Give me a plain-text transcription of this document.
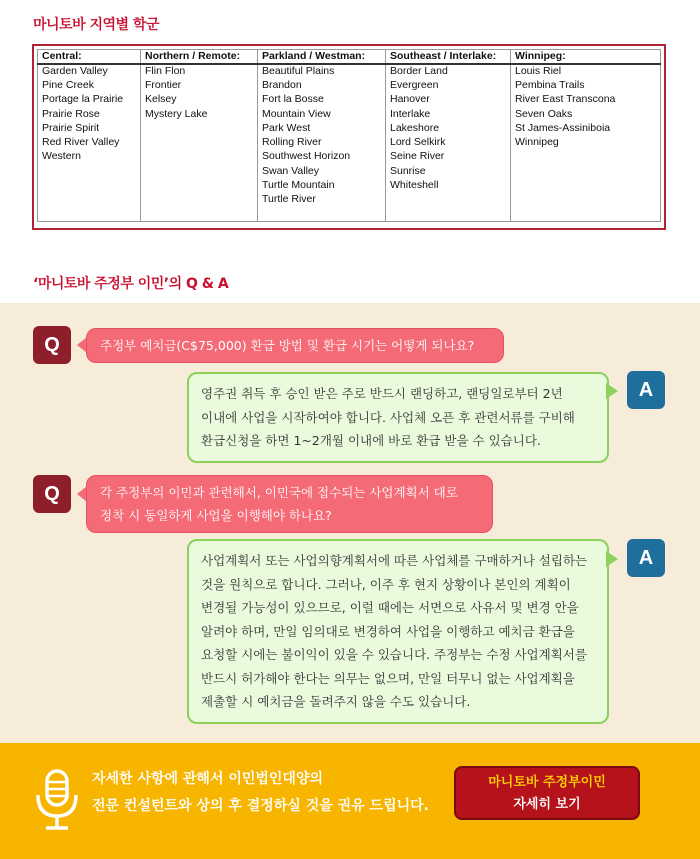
마니토바 지역별 학군
Central:	Northern / Remote:	Parkland / Westman:	Southeast / Interlake:	Winnipeg:
Garden Valley	Flin Flon	Beautiful Plains	Border Land	Louis Riel
Pine Creek	Frontier	Brandon	Evergreen	Pembina Trails
Portage la Prairie	Kelsey	Fort la Bosse	Hanover	River East Transcona
Prairie Rose	Mystery Lake	Mountain View	Interlake	Seven Oaks
Prairie Spirit		Park West	Lakeshore	St James-Assiniboia
Red River Valley		Rolling River	Lord Selkirk	Winnipeg
Western		Southwest Horizon	Seine River	
		Swan Valley	Sunrise	
		Turtle Mountain	Whiteshell	
		Turtle River		

‘마니토바 주정부 이민’의 Q & A
Q	주정부 예치금(C$75,000) 환급 방법 및 환급 시기는 어떻게 되나요?
영주권 취득 후 승인 받은 주로 반드시 랜딩하고, 랜딩일로부터 2년
이내에 사업을 시작하여야 합니다. 사업체 오픈 후 관련서류를 구비해
환급신청을 하면 1~2개월 이내에 바로 환급 받을 수 있습니다.
A
Q	각 주정부의 이민과 관련해서, 이민국에 접수되는 사업계획서 대로
정착 시 동일하게 사업을 이행해야 하나요?
사업계획서 또는 사업의향계획서에 따른 사업체를 구매하거나 설립하는
것을 원칙으로 합니다. 그러나, 이주 후 현지 상황이나 본인의 계획이
변경될 가능성이 있으므로, 이럴 때에는 서면으로 사유서 및 변경 안을
알려야 하며, 만일 임의대로 변경하여 사업을 이행하고 예치금 환급을
요청할 시에는 불이익이 있을 수 있습니다. 주정부는 수정 사업계획서를
반드시 허가해야 한다는 의무는 없으며, 만일 터무니 없는 사업계획을
제출할 시 예치금을 돌려주지 않을 수도 있습니다.
A
자세한 사항에 관해서 이민법인대양의
전문 컨설턴트와 상의 후 결정하실 것을 권유 드립니다.
마니토바 주정부이민
자세히 보기
